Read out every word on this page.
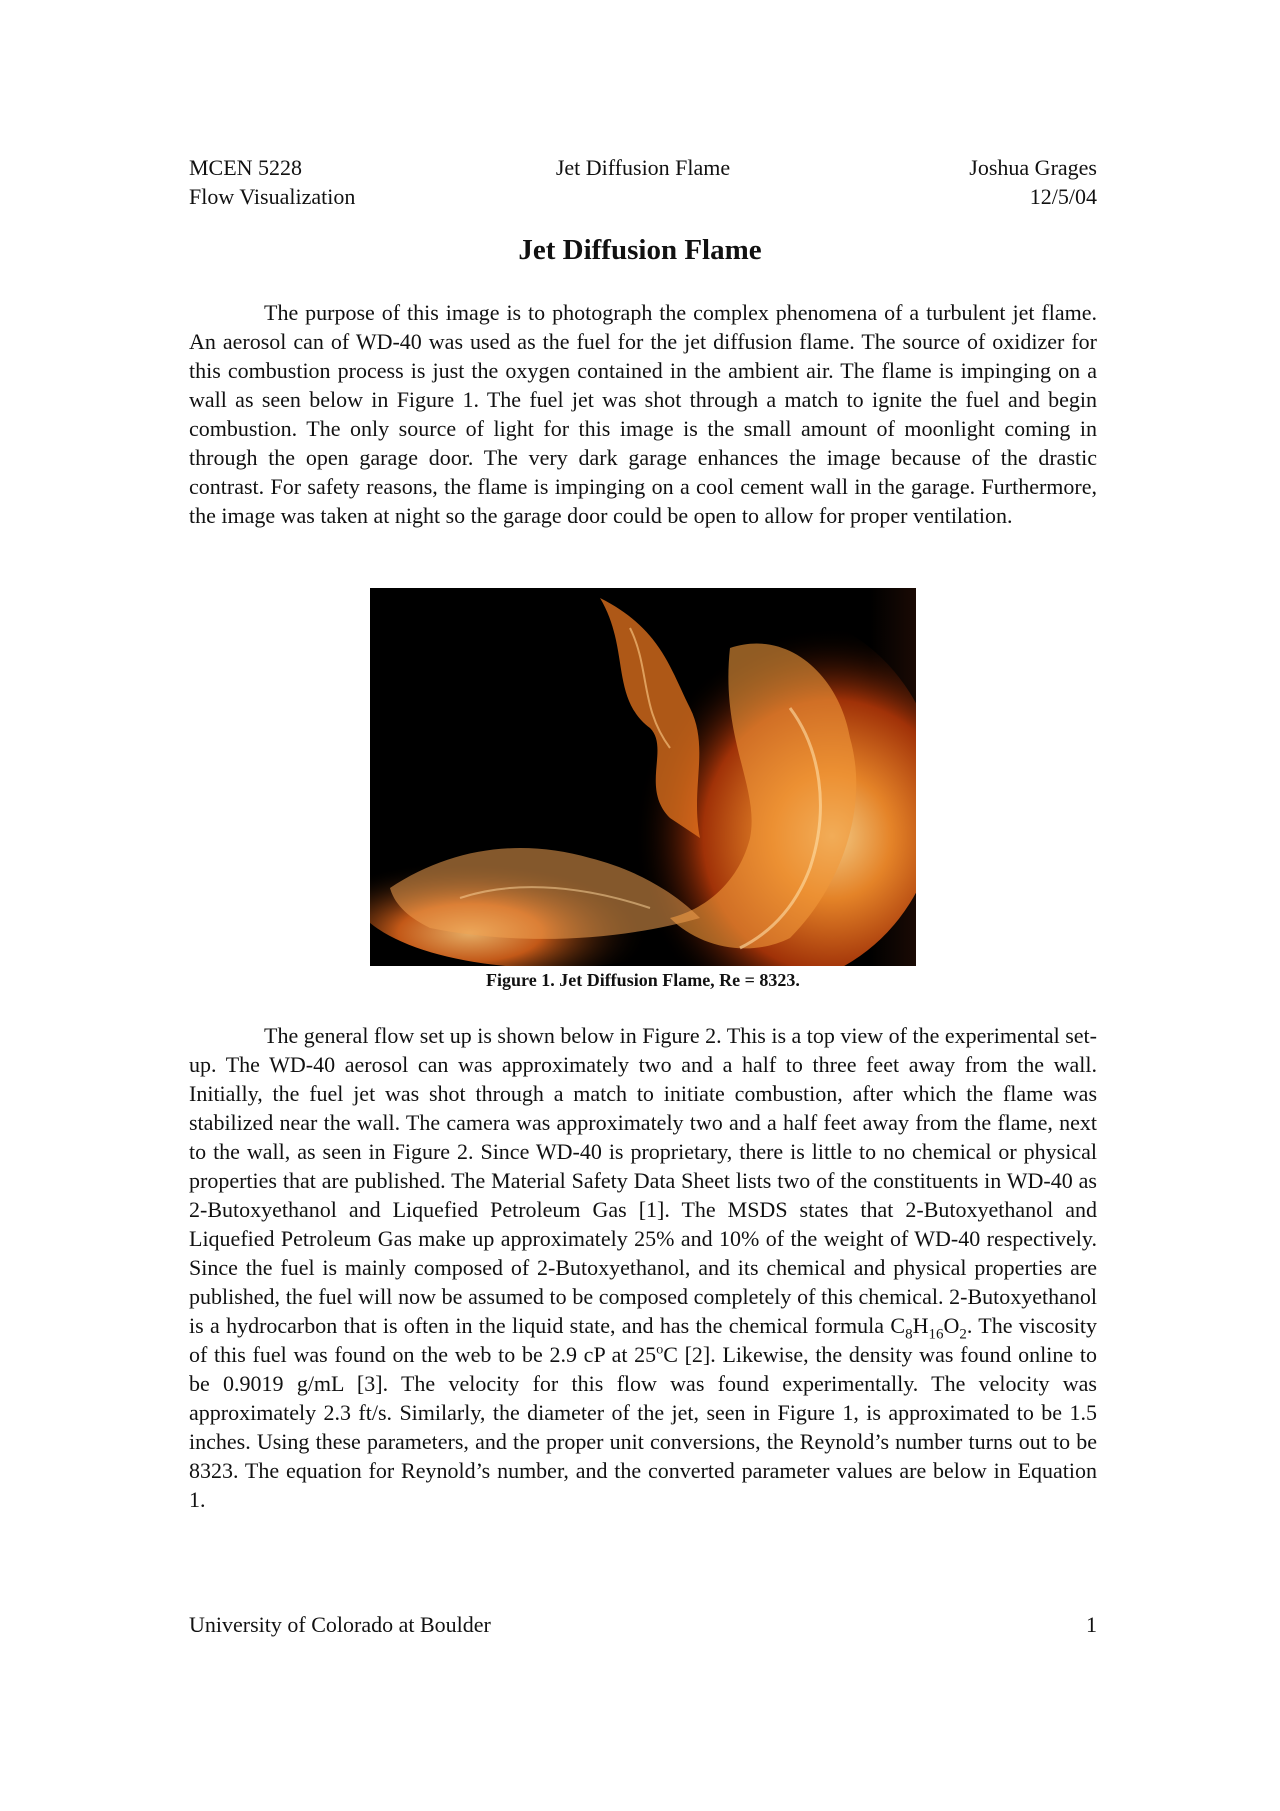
MCEN 5228	Jet Diffusion Flame	Joshua Grages
Flow Visualization	12/5/04
Jet Diffusion Flame

The purpose of this image is to photograph the complex phenomena of a turbulent jet flame. An aerosol can of WD-40 was used as the fuel for the jet diffusion flame. The source of oxidizer for this combustion process is just the oxygen contained in the ambient air. The flame is impinging on a wall as seen below in Figure 1. The fuel jet was shot through a match to ignite the fuel and begin combustion. The only source of light for this image is the small amount of moonlight coming in through the open garage door. The very dark garage enhances the image because of the drastic contrast. For safety reasons, the flame is impinging on a cool cement wall in the garage. Furthermore, the image was taken at night so the garage door could be open to allow for proper ventilation.

Figure 1. Jet Diffusion Flame, Re = 8323.

The general flow set up is shown below in Figure 2. This is a top view of the experimental set-up. The WD-40 aerosol can was approximately two and a half to three feet away from the wall. Initially, the fuel jet was shot through a match to initiate combustion, after which the flame was stabilized near the wall. The camera was approximately two and a half feet away from the flame, next to the wall, as seen in Figure 2. Since WD-40 is proprietary, there is little to no chemical or physical properties that are published. The Material Safety Data Sheet lists two of the constituents in WD-40 as 2-Butoxyethanol and Liquefied Petroleum Gas [1]. The MSDS states that 2-Butoxyethanol and Liquefied Petroleum Gas make up approximately 25% and 10% of the weight of WD-40 respectively. Since the fuel is mainly composed of 2-Butoxyethanol, and its chemical and physical properties are published, the fuel will now be assumed to be composed completely of this chemical. 2-Butoxyethanol is a hydrocarbon that is often in the liquid state, and has the chemical formula $C_8H_{16}O_2$. The viscosity of this fuel was found on the web to be 2.9 cP at 25$^o$C [2]. Likewise, the density was found online to be 0.9019 g/mL [3]. The velocity for this flow was found experimentally. The velocity was approximately 2.3 ft/s. Similarly, the diameter of the jet, seen in Figure 1, is approximated to be 1.5 inches. Using these parameters, and the proper unit conversions, the Reynold’s number turns out to be 8323. The equation for Reynold’s number, and the converted parameter values are below in Equation 1.

University of Colorado at Boulder	1
